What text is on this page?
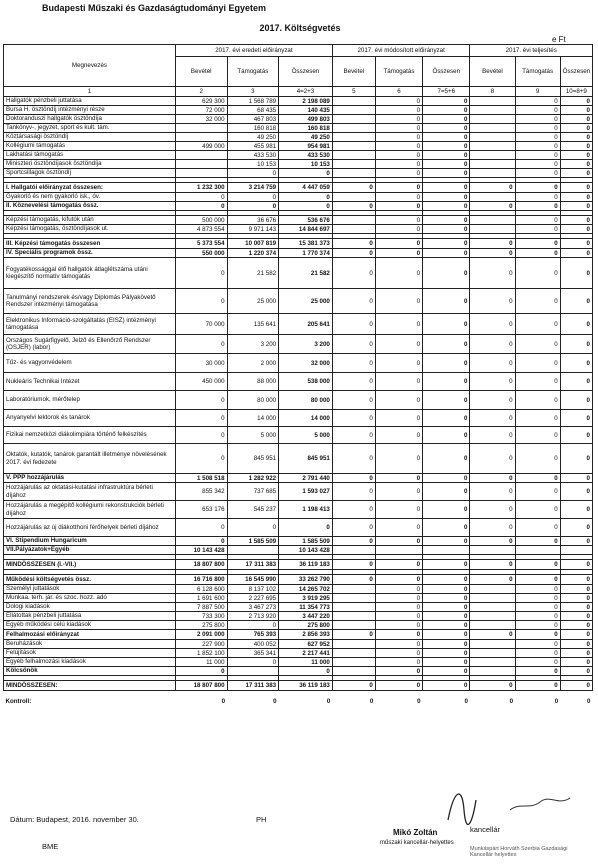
Budapesti Műszaki és Gazdaságtudományi Egyetem
2017. Költségvetés
e Ft
Megnevezés	2017. évi eredeti előirányzat			2017. évi módosított előirányzat			2017. évi teljesítés		
	Bevétel	Támogatás	Összesen	Bevétel	Támogatás	Összesen	Bevétel	Támogatás	Összesen
1	2	3	4=2+3	5	6	7=5+6	8	9	10=8+9
Hallgatók pénzbeli juttatása	629 300	1 568 789	2 198 089		0	0		0	0
Bursa H. ösztöndíj intézményi része	72 000	68 435	140 435		0	0		0	0
Doktoranduszi hallgatók ösztöndíja	32 000	467 803	499 803		0	0		0	0
Tankönyv-, jegyzet, sport és kult. tám.		160 818	160 818		0	0		0	0
Köztársasági ösztöndíj		49 250	49 250		0	0		0	0
Kollégiumi támogatás	499 000	455 981	954 981		0	0		0	0
Lakhatási támogatás		433 530	433 530		0	0		0	0
Miniszteri ösztöndíjasok ösztöndíja		10 153	10 153		0	0		0	0
Sportcsillagok ösztöndíj		0	0		0	0		0	0

I. Hallgatói előirányzat összesen:	1 232 300	3 214 759	4 447 059	0	0	0	0	0	0
Gyakorló és nem gyakorló isk., óv.	0	0	0		0	0		0	0
II. Köznevelési támogatás össz.	0	0	0	0	0	0	0	0	0

Képzési támogatás, kifutók után	500 000	36 676	536 676		0	0		0	0
Képzési támogatás, ösztöndíjasok ut.	4 873 554	9 971 143	14 844 697		0	0		0	0

III. Képzési támogatás összesen	5 373 554	10 007 819	15 381 373	0	0	0	0	0	0
IV. Speciális programok össz.	550 000	1 220 374	1 770 374	0	0	0	0	0	0
Fogyatékossággal élő hallgatók átlaglétszáma utáni kiegészítő normatív támogatás	0	21 582	21 582	0	0	0	0	0	0
Tanulmányi rendszerek és/vagy Diplomás Pályakövető Rendszer intézményi támogatása	0	25 000	25 000	0	0	0	0	0	0
Elektronikus Információ-szolgáltatás (EISZ) intézményi támogatása	70 000	135 641	205 641	0	0	0	0	0	0
Országos Sugárfigyelő, Jelző és Ellenőrző Rendszer (OSJER) (labor)	0	3 200	3 200	0	0	0	0	0	0
Tűz- és vagyonvédelem	30 000	2 000	32 000	0	0	0	0	0	0
Nukleáris Technikai Intézet	450 000	88 000	538 000	0	0	0	0	0	0
Laboratóriumok, mérőtelep	0	80 000	80 000	0	0	0	0	0	0
Anyanyelvi lektorok és tanárok	0	14 000	14 000	0	0	0	0	0	0
Fizikai nemzetközi diákolimpiára történő felkészítés	0	5 000	5 000	0	0	0	0	0	0
Oktatók, kutatók, tanárok garantált illetménye növelésének 2017. évi fedezete	0	845 951	845 951	0	0	0	0	0	0
V. PPP hozzájárulás	1 508 518	1 282 922	2 791 440	0	0	0	0	0	0
Hozzájárulás az oktatási-kutatási infrastruktúra bérleti díjához	855 342	737 685	1 593 027	0	0	0	0	0	0
Hozzájárulás a megépítő kollégiumi rekonstrukciók bérleti díjához	653 176	545 237	1 198 413	0	0	0	0	0	0
Hozzájárulás az új diákotthoni férőhelyek bérleti díjához	0	0	0	0	0	0	0	0	0
VI. Stipendium Hungaricum	0	1 585 509	1 585 509	0	0	0	0	0	0
VII.Pályázatok+Egyéb	10 143 428		10 143 428						

MINDÖSSZESEN (I.-VII.)	18 807 800	17 311 383	36 119 183	0	0	0	0	0	0

Működési költségvetés össz.	16 716 800	16 545 990	33 262 790	0	0	0	0	0	0
Személyi juttatások	6 128 600	8 137 102	14 265 702		0	0		0	0
Munkaa. terh. jár. és szoc. hozz. adó	1 691 600	2 227 695	3 919 295		0	0		0	0
Dologi kiadások	7 887 500	3 467 273	11 354 773		0	0		0	0
Ellátottak pénzbeli juttatása	733 300	2 713 920	3 447 220		0	0		0	0
Egyéb működési célú kiadások	275 800	0	275 800		0	0		0	0
Felhalmozási előirányzat	2 091 000	765 393	2 856 393	0	0	0	0	0	0
Beruházások	227 900	400 052	627 952		0	0		0	0
Felújítások	1 852 100	365 341	2 217 441		0	0		0	0
Egyéb felhalmozási kiadások	11 000	0	11 000		0	0		0	0
Kölcsönök	0		0		0	0		0	0

MINDÖSSZESEN:	18 807 800	17 311 383	36 119 183	0	0	0	0	0	0
Kontroll:	0	0	0	0	0	0	0	0	0
Dátum: Budapest, 2016. november 30.	PH
BME
Mikó Zoltán	kancellár
műszaki kancellár-helyettes
Munkáspárt Horváth Szerbia Gazdasági Kancellár helyettes
